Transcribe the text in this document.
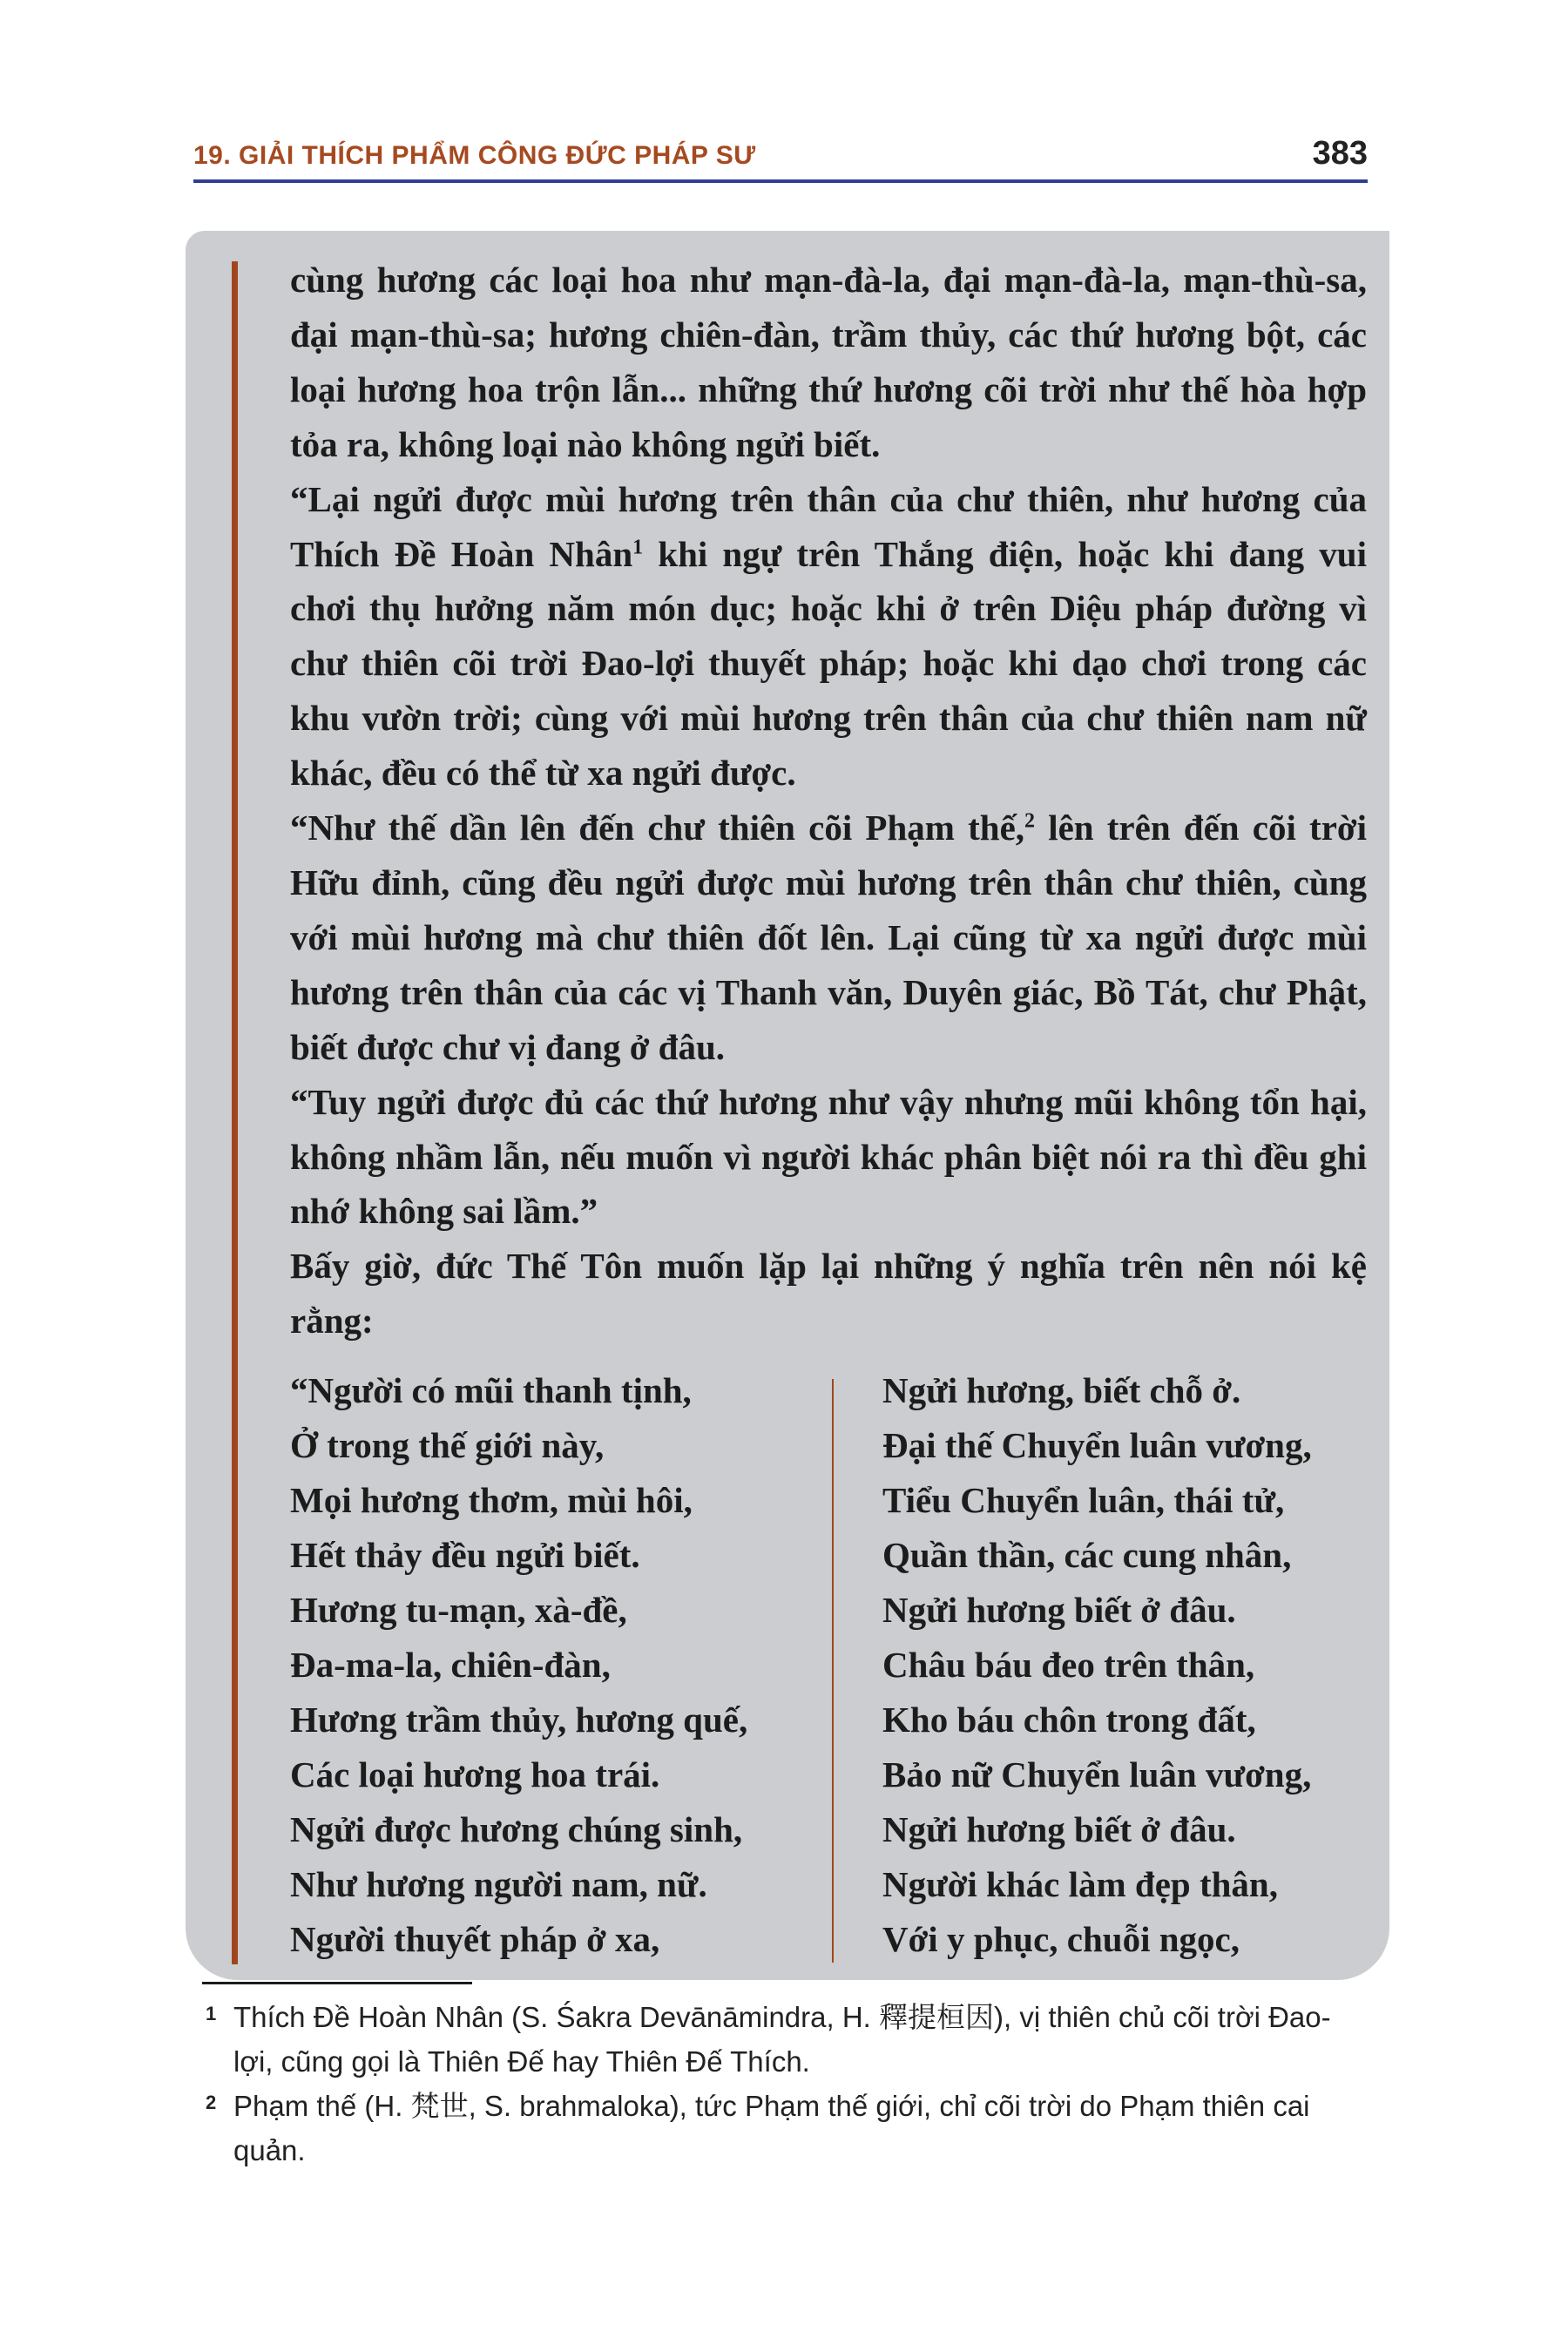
19. GIẢI THÍCH PHẨM CÔNG ĐỨC PHÁP SƯ	383

cùng hương các loại hoa như mạn-đà-la, đại mạn-đà-la, mạn-thù-sa, đại mạn-thù-sa; hương chiên-đàn, trầm thủy, các thứ hương bột, các loại hương hoa trộn lẫn... những thứ hương cõi trời như thế hòa hợp tỏa ra, không loại nào không ngửi biết.

“Lại ngửi được mùi hương trên thân của chư thiên, như hương của Thích Đề Hoàn Nhân$^1$ khi ngự trên Thắng điện, hoặc khi đang vui chơi thụ hưởng năm món dục; hoặc khi ở trên Diệu pháp đường vì chư thiên cõi trời Đao-lợi thuyết pháp; hoặc khi dạo chơi trong các khu vườn trời; cùng với mùi hương trên thân của chư thiên nam nữ khác, đều có thể từ xa ngửi được.

“Như thế dần lên đến chư thiên cõi Phạm thế,$^2$ lên trên đến cõi trời Hữu đỉnh, cũng đều ngửi được mùi hương trên thân chư thiên, cùng với mùi hương mà chư thiên đốt lên. Lại cũng từ xa ngửi được mùi hương trên thân của các vị Thanh văn, Duyên giác, Bồ Tát, chư Phật, biết được chư vị đang ở đâu.

“Tuy ngửi được đủ các thứ hương như vậy nhưng mũi không tổn hại, không nhầm lẫn, nếu muốn vì người khác phân biệt nói ra thì đều ghi nhớ không sai lầm.”

Bấy giờ, đức Thế Tôn muốn lặp lại những ý nghĩa trên nên nói kệ rằng:

“Người có mũi thanh tịnh,
Ở trong thế giới này,
Mọi hương thơm, mùi hôi,
Hết thảy đều ngửi biết.
Hương tu-mạn, xà-đề,
Đa-ma-la, chiên-đàn,
Hương trầm thủy, hương quế,
Các loại hương hoa trái.
Ngửi được hương chúng sinh,
Như hương người nam, nữ.
Người thuyết pháp ở xa,
Ngửi hương, biết chỗ ở.
Đại thế Chuyển luân vương,
Tiểu Chuyển luân, thái tử,
Quần thần, các cung nhân,
Ngửi hương biết ở đâu.
Châu báu đeo trên thân,
Kho báu chôn trong đất,
Bảo nữ Chuyển luân vương,
Ngửi hương biết ở đâu.
Người khác làm đẹp thân,
Với y phục, chuỗi ngọc,
1 Thích Đề Hoàn Nhân (S. Śakra Devānāmindra, H. 釋提桓因), vị thiên chủ cõi trời Đao-lợi, cũng gọi là Thiên Đế hay Thiên Đế Thích.
2 Phạm thế (H. 梵世, S. brahmaloka), tức Phạm thế giới, chỉ cõi trời do Phạm thiên cai quản.
